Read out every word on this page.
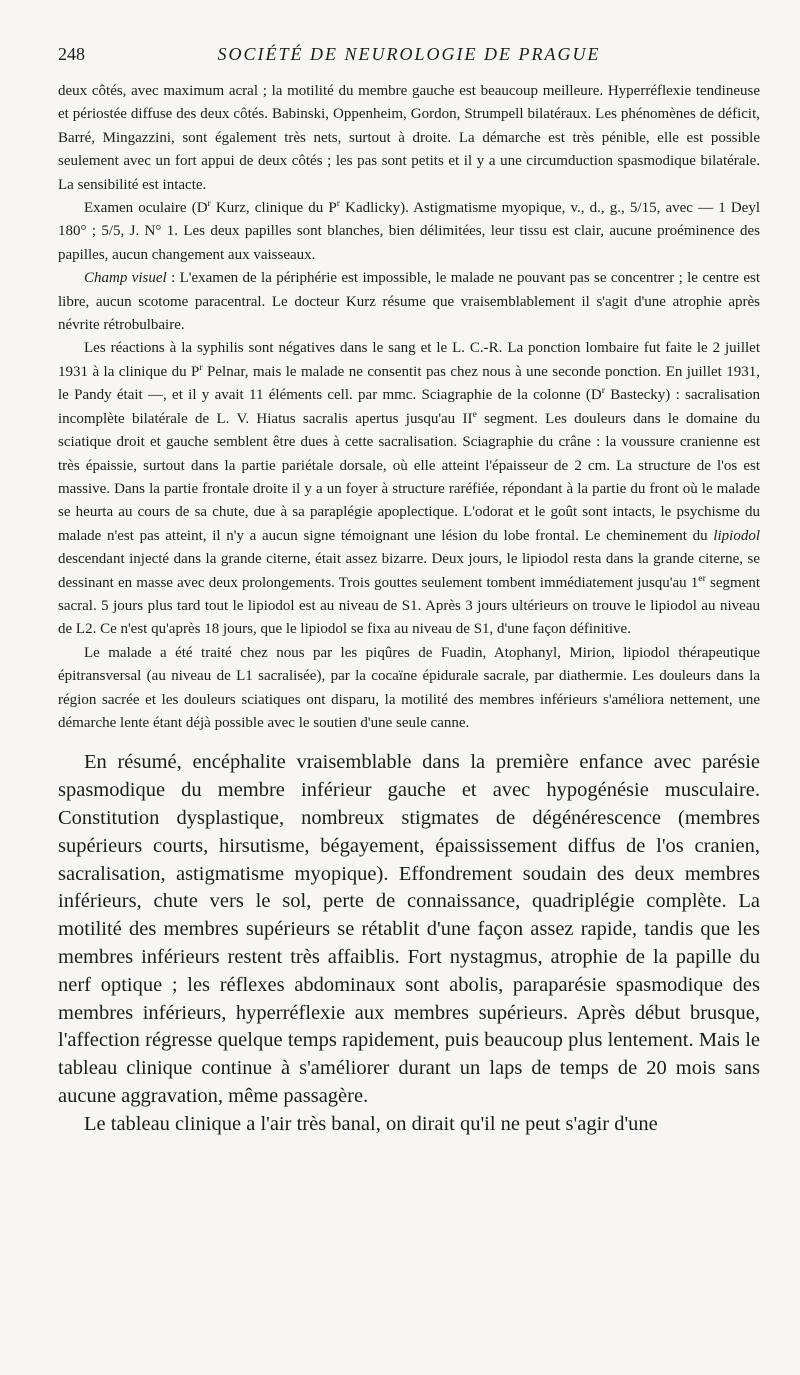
248	SOCIÉTÉ DE NEUROLOGIE DE PRAGUE

deux côtés, avec maximum acral ; la motilité du membre gauche est beaucoup meilleure. Hyperréflexie tendineuse et périostée diffuse des deux côtés. Babinski, Oppenheim, Gordon, Strumpell bilatéraux. Les phénomènes de déficit, Barré, Mingazzini, sont également très nets, surtout à droite. La démarche est très pénible, elle est possible seulement avec un fort appui de deux côtés ; les pas sont petits et il y a une circumduction spasmodique bilatérale. La sensibilité est intacte.

Examen oculaire ($D^r$ Kurz, clinique du $P^r$ Kadlicky). Astigmatisme myopique, v., d., g., 5/15, avec — 1 Deyl 180° ; 5/5, J. N° 1. Les deux papilles sont blanches, bien délimitées, leur tissu est clair, aucune proéminence des papilles, aucun changement aux vaisseaux.

Champ visuel : L'examen de la périphérie est impossible, le malade ne pouvant pas se concentrer ; le centre est libre, aucun scotome paracentral. Le docteur Kurz résume que vraisemblablement il s'agit d'une atrophie après névrite rétrobulbaire.

Les réactions à la syphilis sont négatives dans le sang et le L. C.-R. La ponction lombaire fut faite le 2 juillet 1931 à la clinique du $P^r$ Pelnar, mais le malade ne consentit pas chez nous à une seconde ponction. En juillet 1931, le Pandy était —, et il y avait 11 éléments cell. par mmc. Sciagraphie de la colonne ($D^r$ Bastecky) : sacralisation incomplète bilatérale de L. V. Hiatus sacralis apertus jusqu'au IIe segment. Les douleurs dans le domaine du sciatique droit et gauche semblent être dues à cette sacralisation. Sciagraphie du crâne : la voussure cranienne est très épaissie, surtout dans la partie pariétale dorsale, où elle atteint l'épaisseur de 2 cm. La structure de l'os est massive. Dans la partie frontale droite il y a un foyer à structure raréfiée, répondant à la partie du front où le malade se heurta au cours de sa chute, due à sa paraplégie apoplectique. L'odorat et le goût sont intacts, le psychisme du malade n'est pas atteint, il n'y a aucun signe témoignant une lésion du lobe frontal. Le cheminement du lipiodol descendant injecté dans la grande citerne, était assez bizarre. Deux jours, le lipiodol resta dans la grande citerne, se dessinant en masse avec deux prolongements. Trois gouttes seulement tombent immédiatement jusqu'au 1er segment sacral. 5 jours plus tard tout le lipiodol est au niveau de S1. Après 3 jours ultérieurs on trouve le lipiodol au niveau de L2. Ce n'est qu'après 18 jours, que le lipiodol se fixa au niveau de S1, d'une façon définitive.

Le malade a été traité chez nous par les piqûres de Fuadin, Atophanyl, Mirion, lipiodol thérapeutique épitransversal (au niveau de L1 sacralisée), par la cocaïne épidurale sacrale, par diathermie. Les douleurs dans la région sacrée et les douleurs sciatiques ont disparu, la motilité des membres inférieurs s'améliora nettement, une démarche lente étant déjà possible avec le soutien d'une seule canne.

En résumé, encéphalite vraisemblable dans la première enfance avec parésie spasmodique du membre inférieur gauche et avec hypogénésie musculaire. Constitution dysplastique, nombreux stigmates de dégénérescence (membres supérieurs courts, hirsutisme, bégayement, épaississement diffus de l'os cranien, sacralisation, astigmatisme myopique). Effondrement soudain des deux membres inférieurs, chute vers le sol, perte de connaissance, quadriplégie complète. La motilité des membres supérieurs se rétablit d'une façon assez rapide, tandis que les membres inférieurs restent très affaiblis. Fort nystagmus, atrophie de la papille du nerf optique ; les réflexes abdominaux sont abolis, paraparésie spasmodique des membres inférieurs, hyperréflexie aux membres supérieurs. Après début brusque, l'affection régresse quelque temps rapidement, puis beaucoup plus lentement. Mais le tableau clinique continue à s'améliorer durant un laps de temps de 20 mois sans aucune aggravation, même passagère.

Le tableau clinique a l'air très banal, on dirait qu'il ne peut s'agir d'une
